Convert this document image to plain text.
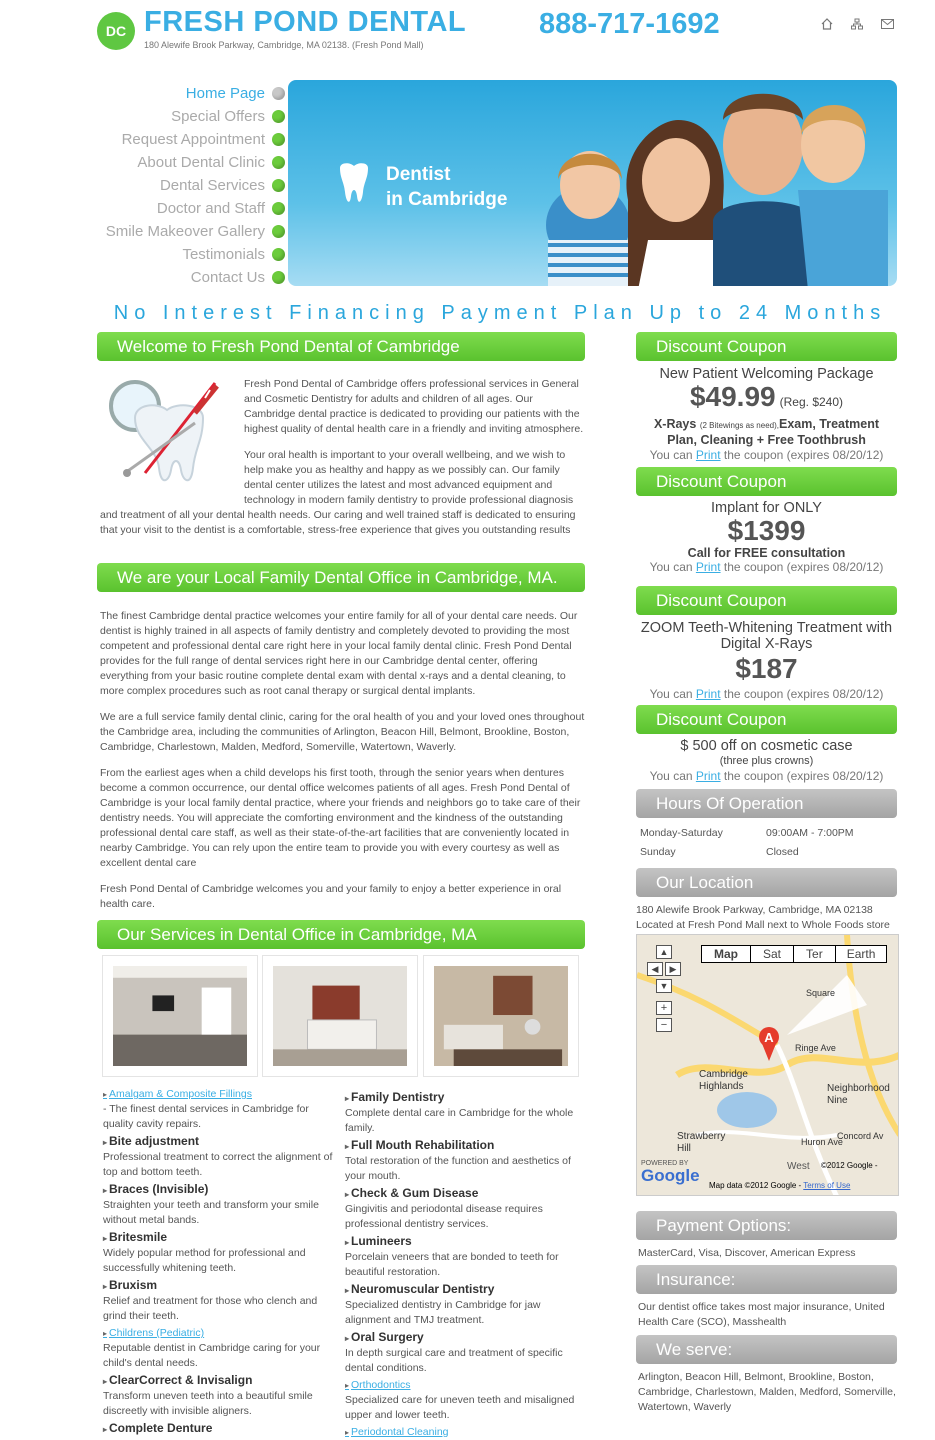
DC FRESH POND DENTAL
180 Alewife Brook Parkway, Cambridge, MA 02138. (Fresh Pond Mall)
888-717-1692
Home Page
Special Offers
Request Appointment
About Dental Clinic
Dental Services
Doctor and Staff
Smile Makeover Gallery
Testimonials
Contact Us
Dentist
in Cambridge
No Interest Financing Payment Plan Up to 24 Months
Welcome to Fresh Pond Dental of Cambridge

Fresh Pond Dental of Cambridge offers professional services in General and Cosmetic Dentistry for adults and children of all ages. Our Cambridge dental practice is dedicated to providing our patients with the highest quality of dental health care in a friendly and inviting atmosphere.

Your oral health is important to your overall wellbeing, and we wish to help make you as healthy and happy as we possibly can. Our family dental center utilizes the latest and most advanced equipment and technology in modern family dentistry to provide professional diagnosis and treatment of all your dental health needs. Our caring and well trained staff is dedicated to ensuring that your visit to the dentist is a comfortable, stress-free experience that gives you outstanding results

We are your Local Family Dental Office in Cambridge, MA.

The finest Cambridge dental practice welcomes your entire family for all of your dental care needs. Our dentist is highly trained in all aspects of family dentistry and completely devoted to providing the most competent and professional dental care right here in your local family dental clinic. Fresh Pond Dental provides for the full range of dental services right here in our Cambridge dental center, offering everything from your basic routine complete dental exam with dental x-rays and a dental cleaning, to more complex procedures such as root canal therapy or surgical dental implants.

We are a full service family dental clinic, caring for the oral health of you and your loved ones throughout the Cambridge area, including the communities of Arlington, Beacon Hill, Belmont, Brookline, Boston, Cambridge, Charlestown, Malden, Medford, Somerville, Watertown, Waverly.

From the earliest ages when a child develops his first tooth, through the senior years when dentures become a common occurrence, our dental office welcomes patients of all ages. Fresh Pond Dental of Cambridge is your local family dental practice, where your friends and neighbors go to take care of their dentistry needs. You will appreciate the comforting environment and the kindness of the outstanding professional dental care staff, as well as their state-of-the-art facilities that are conveniently located in nearby Cambridge. You can rely upon the entire team to provide you with every courtesy as well as excellent dental care

Fresh Pond Dental of Cambridge welcomes you and your family to enjoy a better experience in oral health care.

Our Services in Dental Office in Cambridge, MA
▸ Amalgam & Composite Fillings
- The finest dental services in Cambridge for quality cavity repairs.
▸ Bite adjustment
Professional treatment to correct the alignment of top and bottom teeth.
▸ Braces (Invisible)
Straighten your teeth and transform your smile without metal bands.
▸ Britesmile
Widely popular method for professional and successfully whitening teeth.
▸ Bruxism
Relief and treatment for those who clench and grind their teeth.
▸ Childrens (Pediatric)
Reputable dentist in Cambridge caring for your child's dental needs.
▸ ClearCorrect & Invisalign
Transform uneven teeth into a beautiful smile discreetly with invisible aligners.
▸ Complete Denture
▸ Family Dentistry
Complete dental care in Cambridge for the whole family.
▸ Full Mouth Rehabilitation
Total restoration of the function and aesthetics of your mouth.
▸ Check & Gum Disease
Gingivitis and periodontal disease requires professional dentistry services.
▸ Lumineers
Porcelain veneers that are bonded to teeth for beautiful restoration.
▸ Neuromuscular Dentistry
Specialized dentistry in Cambridge for jaw alignment and TMJ treatment.
▸ Oral Surgery
In depth surgical care and treatment of specific dental conditions.
▸ Orthodontics
Specialized care for uneven teeth and misaligned upper and lower teeth.
▸ Periodontal Cleaning
Discount Coupon
New Patient Welcoming Package
$49.99 (Reg. $240)
X-Rays (2 Bitewings as need),Exam, Treatment Plan, Cleaning + Free Toothbrush
You can Print the coupon (expires 08/20/12)
Discount Coupon
Implant for ONLY
$1399
Call for FREE consultation
You can Print the coupon (expires 08/20/12)
Discount Coupon
ZOOM Teeth-Whitening Treatment with Digital X-Rays
$187
You can Print the coupon (expires 08/20/12)
Discount Coupon
$ 500 off on cosmetic case
(three plus crowns)
You can Print the coupon (expires 08/20/12)
Hours Of Operation
Monday-Saturday	09:00AM - 7:00PM
Sunday	Closed
Our Location
180 Alewife Brook Parkway, Cambridge, MA 02138
Located at Fresh Pond Mall next to Whole Foods store
A
Map	Sat	Ter	Earth
▲
◀	▶
▼
+
−
Cambridge Highlands	Neighborhood Nine
Strawberry Hill
West
Ringe Ave
Huron Ave
Concord Av
Square
POWERED BY
Google
©2012 Google -
Map data ©2012 Google - Terms of Use
Payment Options:
MasterCard, Visa, Discover, American Express
Insurance:
Our dentist office takes most major insurance, United Health Care (SCO), Masshealth
We serve:
Arlington, Beacon Hill, Belmont, Brookline, Boston, Cambridge, Charlestown, Malden, Medford, Somerville, Watertown, Waverly
